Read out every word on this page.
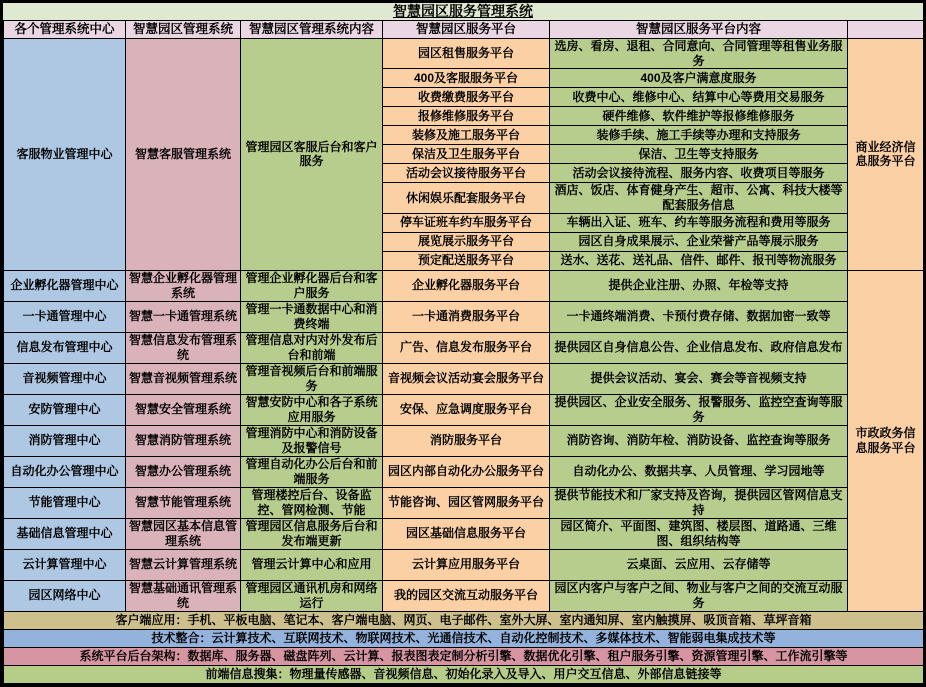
智慧园区服务管理系统
各个管理系统中心	智慧园区管理系统	智慧园区管理系统内容	智慧园区服务平台	智慧园区服务平台内容	
客服物业管理中心	智慧客服管理系统	管理园区客服后台和客户服务	园区租售服务平台	选房、看房、退租、合同意向、合同管理等租售业务服务	商业经济信息服务平台
			400及客服服务平台	400及客户满意度服务	
			收费缴费服务平台	收费中心、维修中心、结算中心等费用交易服务	
			报修维修服务平台	硬件维修、软件维护等报修维修服务	
			装修及施工服务平台	装修手续、施工手续等办理和支持服务	
			保洁及卫生服务平台	保洁、卫生等支持服务	
			活动会议接待服务平台	活动会议接待流程、服务内容、收费项目等服务	
			休闲娱乐配套服务平台	酒店、饭店、体育健身产生、超市、公寓、科技大楼等配套服务信息	
			停车证班车约车服务平台	车辆出入证、班车、约车等服务流程和费用等服务	
			展览展示服务平台	园区自身成果展示、企业荣誉产品等展示服务	
			预定配送服务平台	送水、送花、送礼品、信件、邮件、报刊等物流服务	
企业孵化器管理中心	智慧企业孵化器管理系统	管理企业孵化器后台和客户服务	企业孵化器服务平台	提供企业注册、办照、年检等支持	市政政务信息服务平台
一卡通管理中心	智慧一卡通管理系统	管理一卡通数据中心和消费终端	一卡通消费服务平台	一卡通终端消费、卡预付费存储、数据加密一致等	
信息发布管理中心	智慧信息发布管理系统	管理信息对内对外发布后台和前端	广告、信息发布服务平台	提供园区自身信息公告、企业信息发布、政府信息发布	
音视频管理中心	智慧音视频管理系统	管理音视频后台和前端服务	音视频会议活动宴会服务平台	提供会议活动、宴会、赛会等音视频支持	
安防管理中心	智慧安全管理系统	智慧安防中心和各子系统应用服务	安保、应急调度服务平台	提供园区、企业安全服务、报警服务、监控空查询等服务	
消防管理中心	智慧消防管理系统	管理消防中心和消防设备及报警信号	消防服务平台	消防咨询、消防年检、消防设备、监控查询等服务	
自动化办公管理中心	智慧办公管理系统	管理自动化办公后台和前端服务	园区内部自动化办公服务平台	自动化办公、数据共享、人员管理、学习园地等	
节能管理中心	智慧节能管理系统	管理楼控后台、设备监控、管网检测、节能	节能咨询、园区管网服务平台	提供节能技术和厂家支持及咨询，提供园区管网信息支持	
基础信息管理中心	智慧园区基本信息管理系统	管理园区信息服务后台和发布端更新	园区基础信息服务平台	园区简介、平面图、建筑图、楼层图、道路通、三维图、组织结构等	
云计算管理中心	智慧云计算管理系统	管理云计算中心和应用	云计算应用服务平台	云桌面、云应用、云存储等	
园区网络中心	智慧基础通讯管理系统	管理园区通讯机房和网络运行	我的园区交流互动服务平台	园区内客户与客户之间、物业与客户之间的交流互动服务	
客户端应用：手机、平板电脑、笔记本、客户端电脑、网页、电子邮件、室外大屏、室内通知屏、室内触摸屏、吸顶音箱、草坪音箱					
技术整合：云计算技术、互联网技术、物联网技术、光通信技术、自动化控制技术、多媒体技术、智能弱电集成技术等					
系统平台后台架构：数据库、服务器、磁盘阵列、云计算、报表图表定制分析引擎、数据优化引擎、租户服务引擎、资源管理引擎、工作流引擎等					
前端信息搜集：物理量传感器、音视频信息、初始化录入及导入、用户交互信息、外部信息链接等					
